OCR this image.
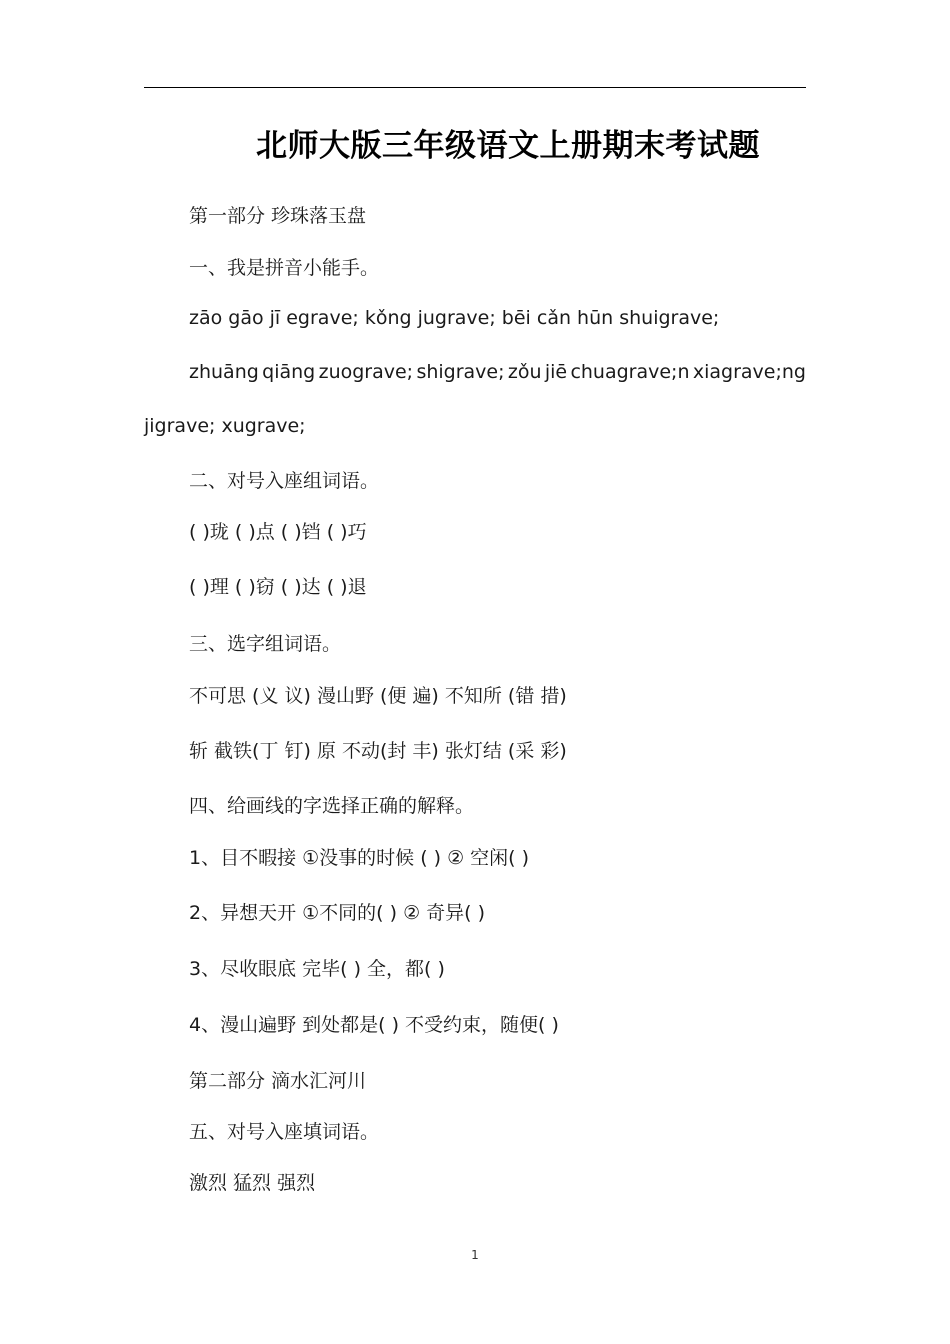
北师大版三年级语文上册期末考试题
第一部分 珍珠落玉盘
一、我是拼音小能手。
zāo gāo jī egrave; kǒng jugrave; bēi cǎn hūn shuigrave;
zhuāng qiāng zuograve; shigrave; zǒu jiē chuagrave;n xiagrave;ng
jigrave; xugrave;
二、对号入座组词语。
( )珑 ( )点 ( )铛 ( )巧
( )理 ( )窃 ( )达 ( )退
三、选字组词语。
不可思 (义 议) 漫山野 (便 遍) 不知所 (错 措)
斩 截铁(丁 钉) 原 不动(封 丰) 张灯结 (采 彩)
四、给画线的字选择正确的解释。
1、目不暇接 ①没事的时候 ( ) ② 空闲( )
2、异想天开 ①不同的( ) ② 奇异( )
3、尽收眼底 完毕( ) 全，都( )
4、漫山遍野 到处都是( ) 不受约束，随便( )
第二部分 滴水汇河川
五、对号入座填词语。
激烈 猛烈 强烈
1
